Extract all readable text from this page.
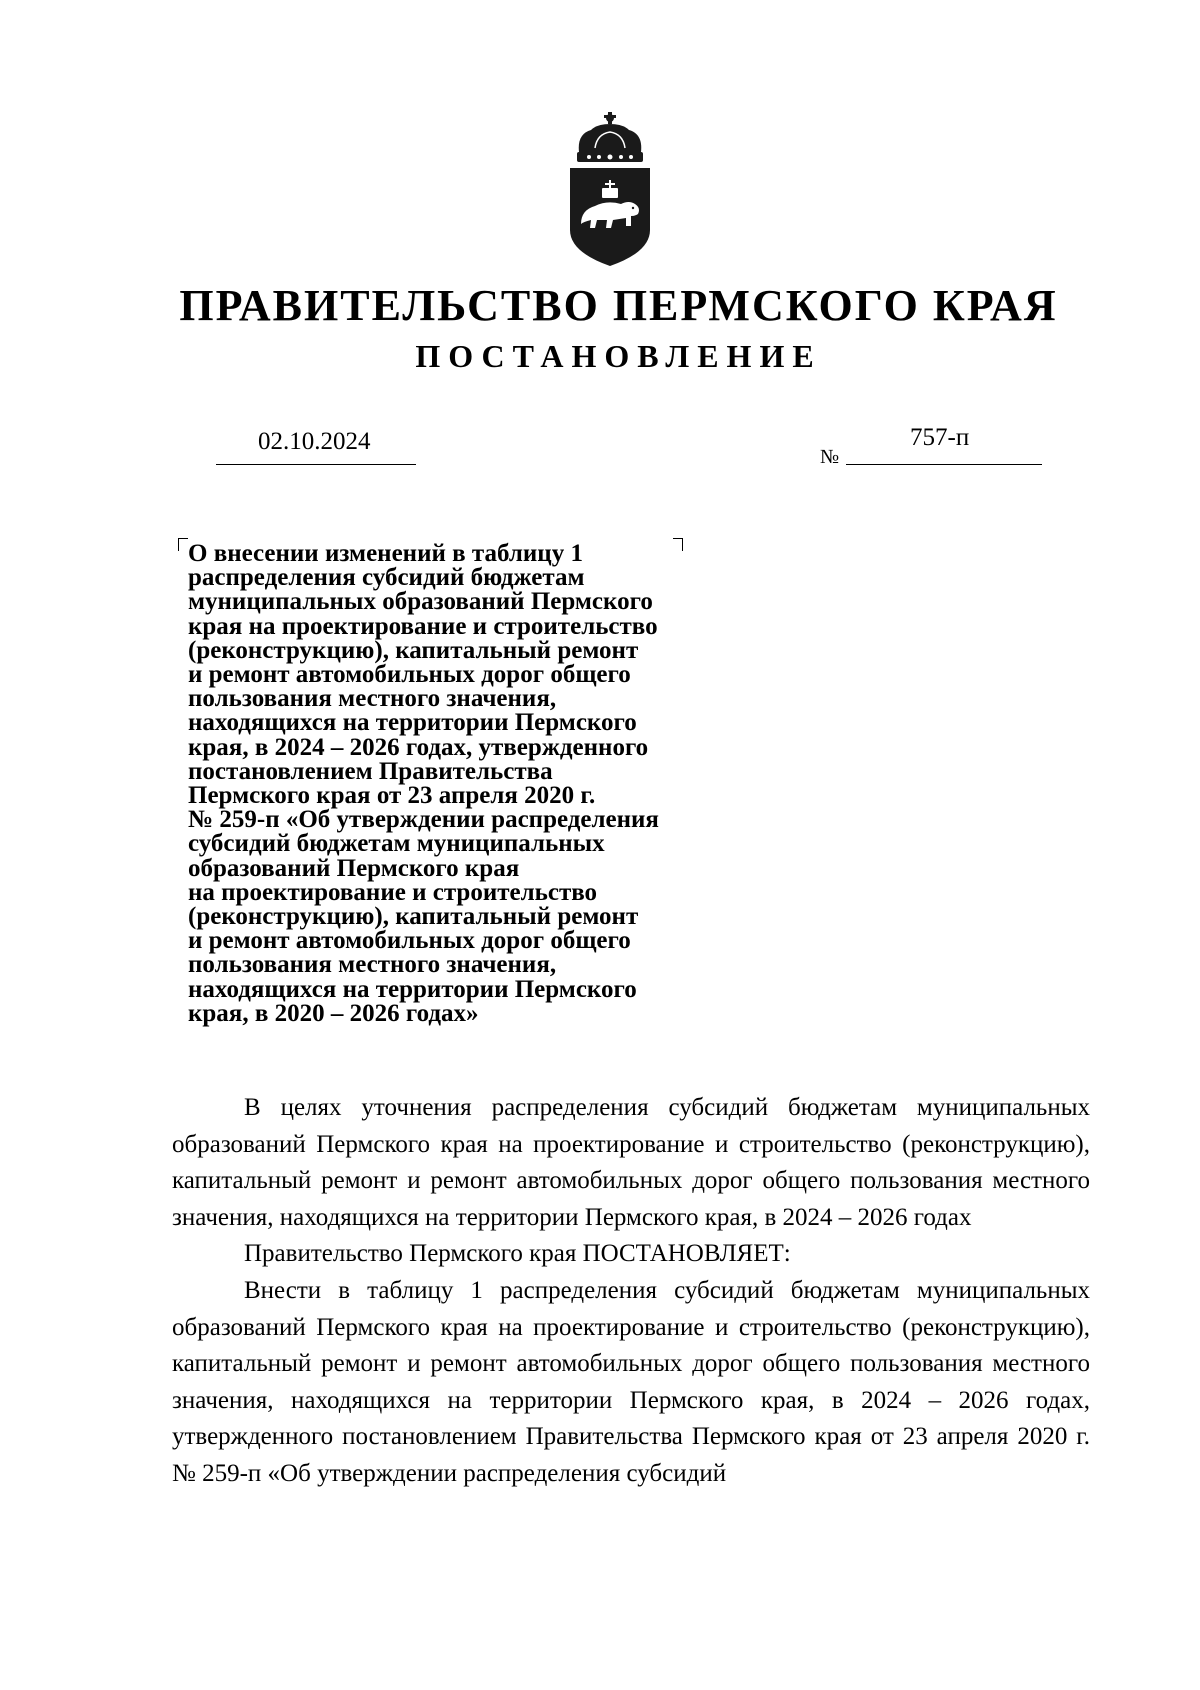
ПРАВИТЕЛЬСТВО ПЕРМСКОГО КРАЯ
ПОСТАНОВЛЕНИЕ
02.10.2024
№
757-п

О внесении изменений в таблицу 1
распределения субсидий бюджетам
муниципальных образований Пермского
края на проектирование и строительство
(реконструкцию), капитальный ремонт
и ремонт автомобильных дорог общего
пользования местного значения,
находящихся на территории Пермского
края, в 2024 – 2026 годах, утвержденного
постановлением Правительства
Пермского края от 23 апреля 2020 г.
№ 259-п «Об утверждении распределения
субсидий бюджетам муниципальных
образований Пермского края
на проектирование и строительство
(реконструкцию), капитальный ремонт
и ремонт автомобильных дорог общего
пользования местного значения,
находящихся на территории Пермского
края, в 2020 – 2026 годах»

В целях уточнения распределения субсидий бюджетам муниципальных образований Пермского края на проектирование и строительство (реконструкцию), капитальный ремонт и ремонт автомобильных дорог общего пользования местного значения, находящихся на территории Пермского края, в 2024 – 2026 годах

Правительство Пермского края ПОСТАНОВЛЯЕТ:

Внести в таблицу 1 распределения субсидий бюджетам муниципальных образований Пермского края на проектирование и строительство (реконструкцию), капитальный ремонт и ремонт автомобильных дорог общего пользования местного значения, находящихся на территории Пермского края, в 2024 – 2026 годах, утвержденного постановлением Правительства Пермского края от 23 апреля 2020 г. № 259-п «Об утверждении распределения субсидий
